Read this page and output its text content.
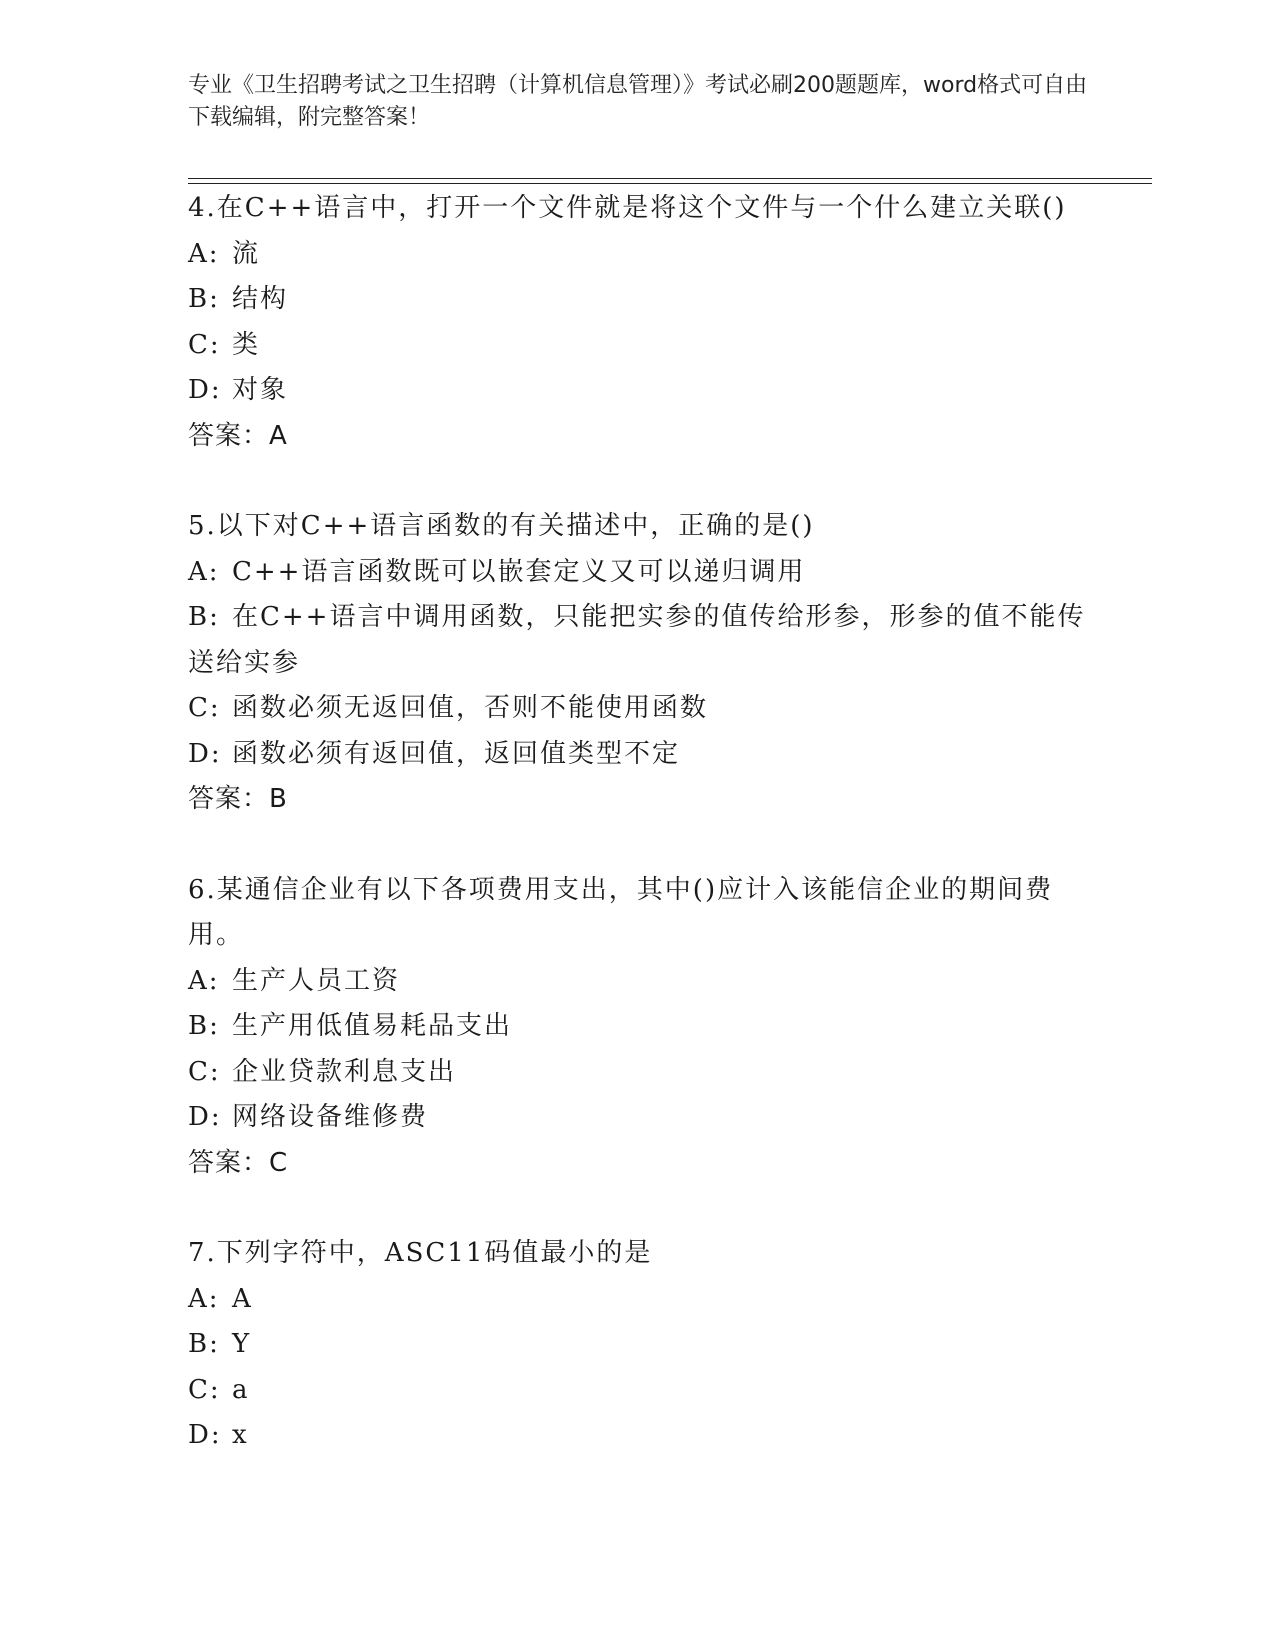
专业《卫生招聘考试之卫生招聘（计算机信息管理）》考试必刷200题题库，word格式可自由下载编辑，附完整答案！
4.在C++语言中，打开一个文件就是将这个文件与一个什么建立关联()
A: 流
B: 结构
C: 类
D: 对象
答案：A
5.以下对C++语言函数的有关描述中，正确的是()
A: C++语言函数既可以嵌套定义又可以递归调用
B: 在C++语言中调用函数，只能把实参的值传给形参，形参的值不能传送给实参
C: 函数必须无返回值，否则不能使用函数
D: 函数必须有返回值，返回值类型不定
答案：B
6.某通信企业有以下各项费用支出，其中()应计入该能信企业的期间费用。
A: 生产人员工资
B: 生产用低值易耗品支出
C: 企业贷款利息支出
D: 网络设备维修费
答案：C
7.下列字符中，ASC11码值最小的是
A: A
B: Y
C: a
D: x
